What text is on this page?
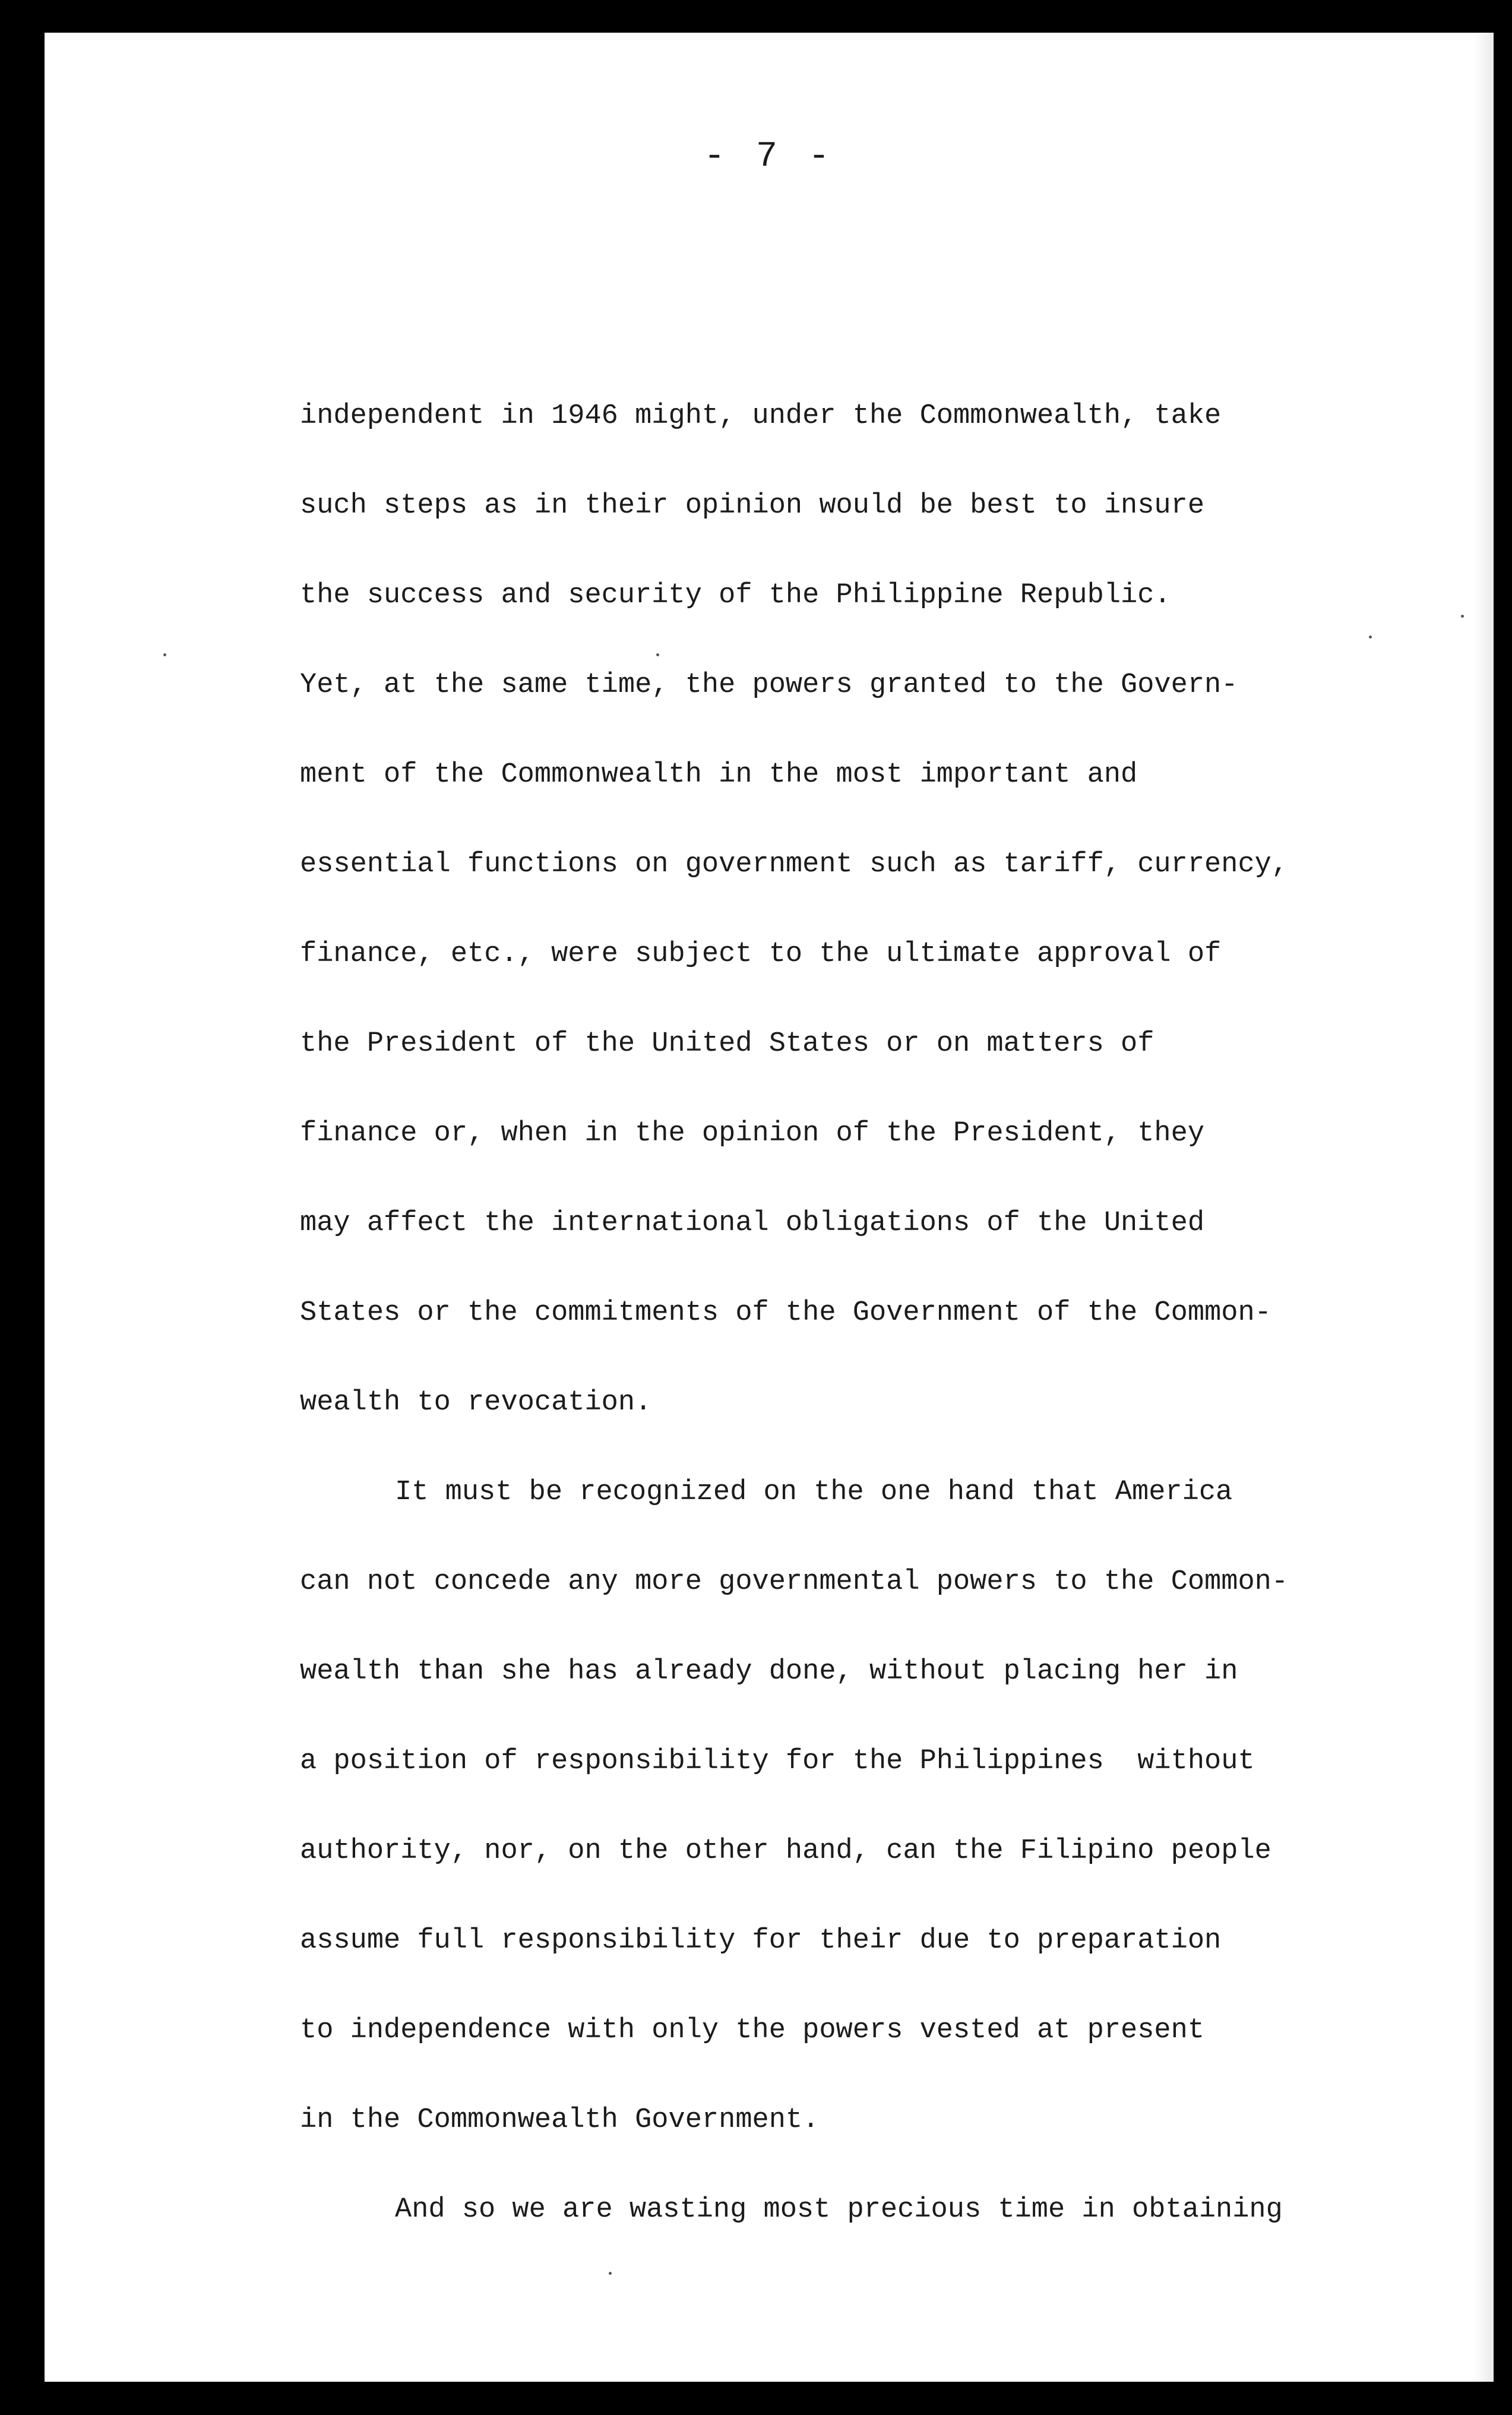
- 7 -
independent in 1946 might, under the Commonwealth, take
such steps as in their opinion would be best to insure
the success and security of the Philippine Republic.
Yet, at the same time, the powers granted to the Govern-
ment of the Commonwealth in the most important and
essential functions on government such as tariff, currency,
finance, etc., were subject to the ultimate approval of
the President of the United States or on matters of
finance or, when in the opinion of the President, they
may affect the international obligations of the United
States or the commitments of the Government of the Common-
wealth to revocation.
It must be recognized on the one hand that America
can not concede any more governmental powers to the Common-
wealth than she has already done, without placing her in
a position of responsibility for the Philippines  without
authority, nor, on the other hand, can the Filipino people
assume full responsibility for their due to preparation
to independence with only the powers vested at present
in the Commonwealth Government.
And so we are wasting most precious time in obtaining
